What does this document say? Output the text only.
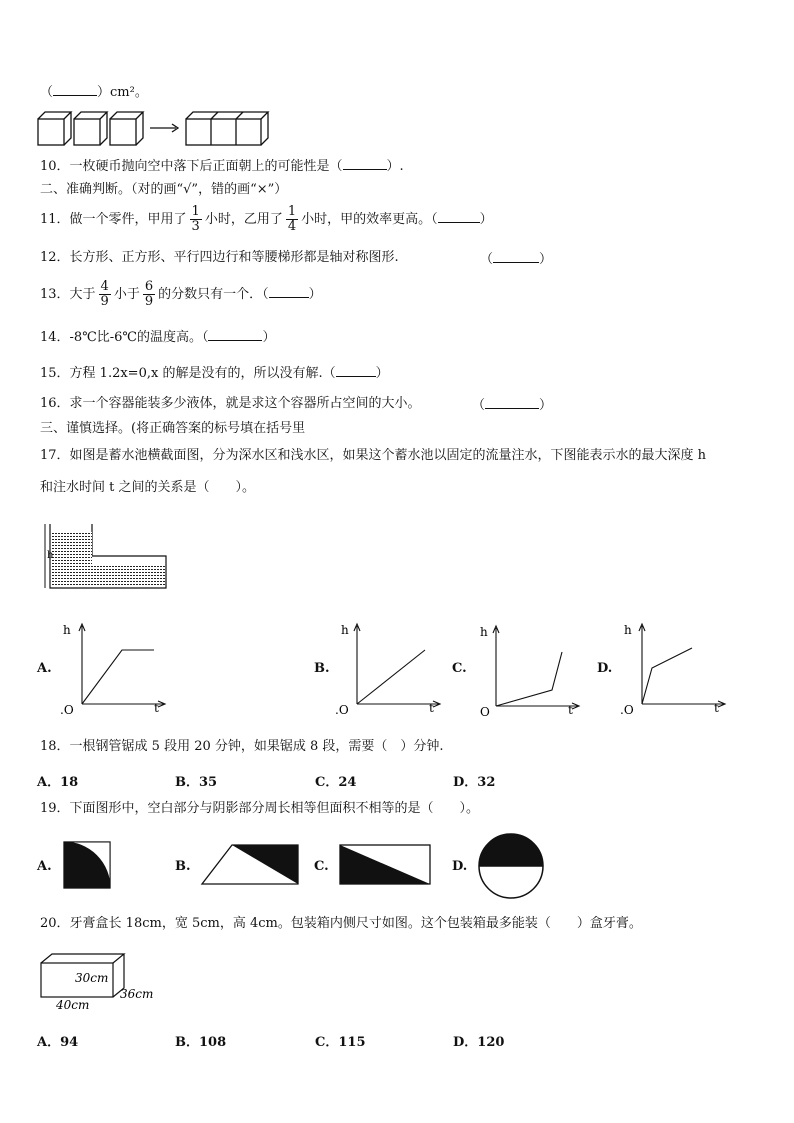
（	）cm²。
10．一枚硬币抛向空中落下后正面朝上的可能性是（	）.
二、准确判断。（对的画“√”，错的画“×”）
11．做一个零件，甲用了 $\frac{1}{3}$ 小时，乙用了 $\frac{1}{4}$ 小时，甲的效率更高。（	）
12．长方形、正方形、平行四边行和等腰梯形都是轴对称图形.	（	）
13．大于 $\frac{4}{9}$ 小于 $\frac{6}{9}$ 的分数只有一个．（	）
14．-8℃比-6℃的温度高。（	）
15．方程 1.2x=0,x 的解是没有的，所以没有解.（	）
16．求一个容器能装多少液体，就是求这个容器所占空间的大小。	（	）
三、谨慎选择。(将正确答案的标号填在括号里
17．如图是蓄水池横截面图，分为深水区和浅水区，如果这个蓄水池以固定的流量注水，下图能表示水的最大深度 h
和注水时间 t 之间的关系是（　　）。
h
A.
h
t
.O
B.
h
t
.O
C.
h
t
O
D.
h
t
.O
18．一根钢管锯成 5 段用 20 分钟，如果锯成 8 段，需要（　）分钟.
A．18	B．35	C．24	D．32
19．下面图形中，空白部分与阴影部分周长相等但面积不相等的是（　　）。
A.	B.	C.	D.
20．牙膏盒长 18cm，宽 5cm，高 4cm。包装箱内侧尺寸如图。这个包装箱最多能装（　　）盒牙膏。
30cm
36cm
40cm
A．94	B．108	C．115	D．120
